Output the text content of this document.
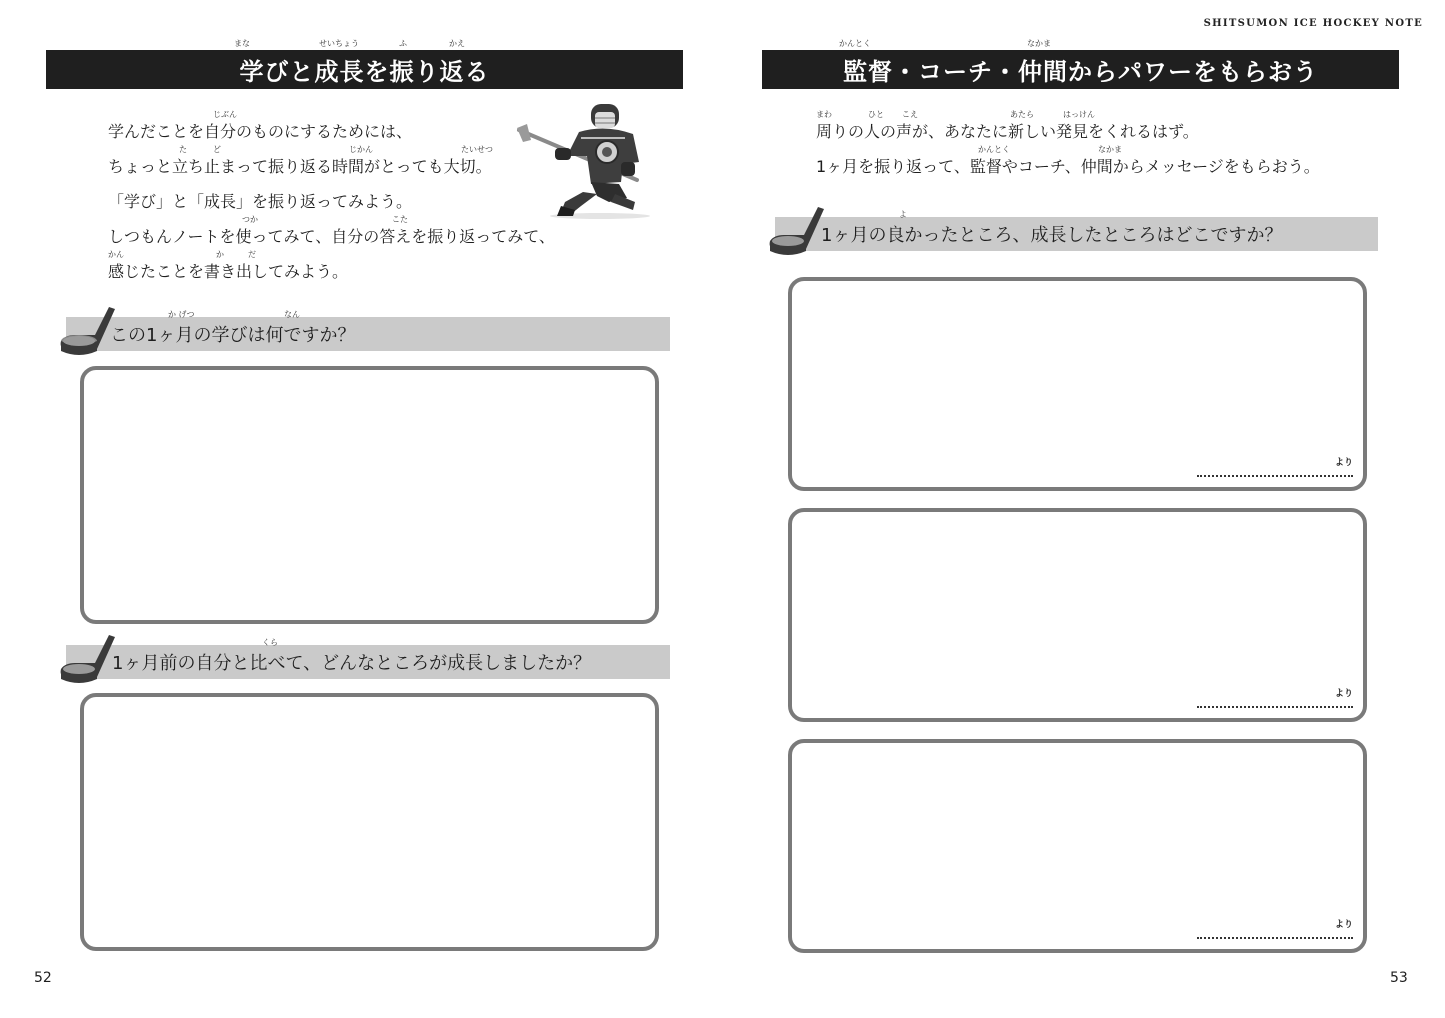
SHITSUMON ICE HOCKEY NOTE
まな	せいちょう	ふ	かえ
学びと成長を振り返る
じぶん
学んだことを自分のものにするためには、
た	ど	じかん	たいせつ
ちょっと立ち止まって振り返る時間がとっても大切。
「学び」と「成長」を振り返ってみよう。
つか	こた
しつもんノートを使ってみて、自分の答えを振り返ってみて、
かん	か	だ
感じたことを書き出してみよう。
か げつ	なん
この1ヶ月の学びは何ですか？
くら
1ヶ月前の自分と比べて、どんなところが成長しましたか？
52
かんとく	なかま
監督・コーチ・仲間からパワーをもらおう
まわ	ひと こえ	あたら	はっけん
周りの人の声が、あなたに新しい発見をくれるはず。
かんとく	なかま
1ヶ月を振り返って、監督やコーチ、仲間からメッセージをもらおう。
よ
1ヶ月の良かったところ、成長したところはどこですか？
より
より
より
53
